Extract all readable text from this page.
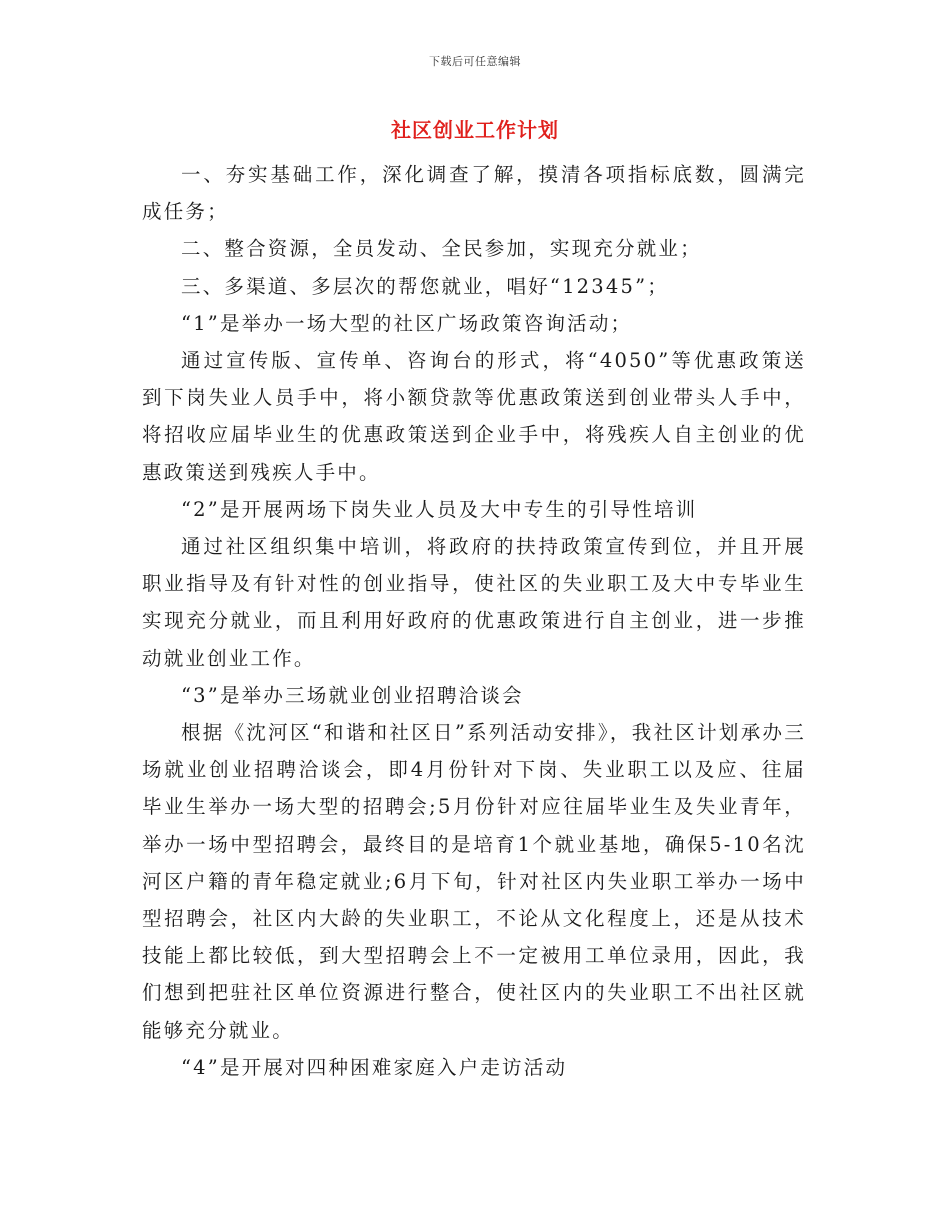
下载后可任意编辑
社区创业工作计划

一、夯实基础工作，深化调查了解，摸清各项指标底数，圆满完成任务；

二、整合资源，全员发动、全民参加，实现充分就业；

三、多渠道、多层次的帮您就业，唱好“12345”；

“1”是举办一场大型的社区广场政策咨询活动；

通过宣传版、宣传单、咨询台的形式，将“4050”等优惠政策送到下岗失业人员手中，将小额贷款等优惠政策送到创业带头人手中，将招收应届毕业生的优惠政策送到企业手中，将残疾人自主创业的优惠政策送到残疾人手中。

“2”是开展两场下岗失业人员及大中专生的引导性培训

通过社区组织集中培训，将政府的扶持政策宣传到位，并且开展职业指导及有针对性的创业指导，使社区的失业职工及大中专毕业生实现充分就业，而且利用好政府的优惠政策进行自主创业，进一步推动就业创业工作。

“3”是举办三场就业创业招聘洽谈会

根据《沈河区“和谐和社区日”系列活动安排》，我社区计划承办三场就业创业招聘洽谈会，即4月份针对下岗、失业职工以及应、往届毕业生举办一场大型的招聘会;5月份针对应往届毕业生及失业青年，举办一场中型招聘会，最终目的是培育1个就业基地，确保5-10名沈河区户籍的青年稳定就业;6月下旬，针对社区内失业职工举办一场中型招聘会，社区内大龄的失业职工，不论从文化程度上，还是从技术技能上都比较低，到大型招聘会上不一定被用工单位录用，因此，我们想到把驻社区单位资源进行整合，使社区内的失业职工不出社区就能够充分就业。

“4”是开展对四种困难家庭入户走访活动
